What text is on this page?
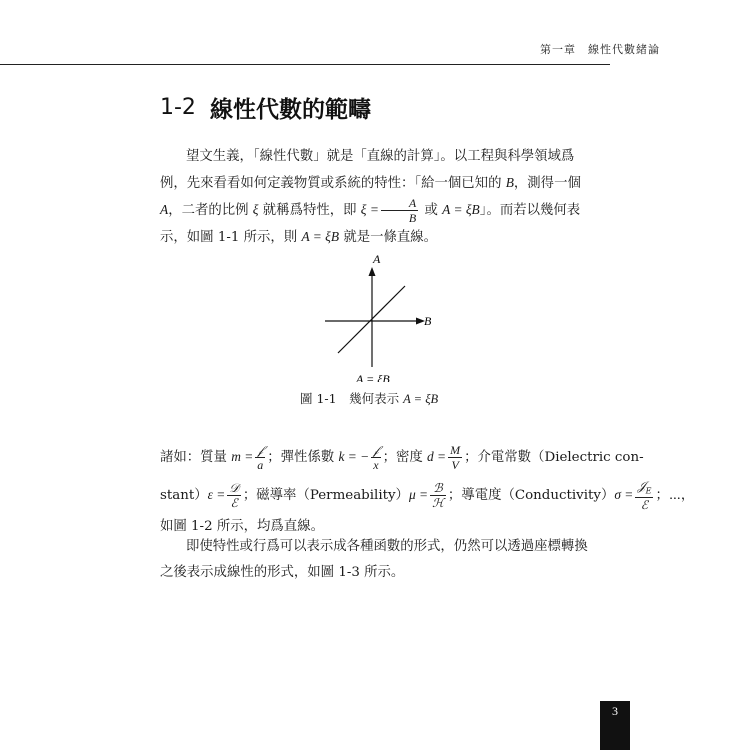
第一章　線性代數緒論
1-2 線性代數的範疇
望文生義，「線性代數」就是「直線的計算」。以工程與科學領域爲例，先來看看如何定義物質或系統的特性：「給一個已知的 B，測得一個 A，二者的比例 ξ 就稱爲特性，即 $\xi = \frac{A}{B}$ 或 A = ξB」。而若以幾何表示，如圖 1-1 所示，則 A = ξB 就是一條直線。
A
B
A = ξB
圖 1-1　 幾何表示 A = ξB
諸如：質量 $m = \frac{\text{𝒻}}{a}$ ；彈性係數 k = − $\frac{\text{𝒻}}{x}$ ；密度 $d = \frac{M}{V}$ ；介電常數（Dielectric con-
$stant)\varepsilon = \frac{\text{𝒟}}{\text{ℰ}}$ ；磁導率（Permeability）μ = $\frac{\text{ℬ}}{\text{ℋ}}$ ；導電度（Conductivity）σ = $\frac{𝒥_E}{\text{ℰ}}$ ；⋯，
如圖 1-2 所示，均爲直線。
即使特性或行爲可以表示成各種函數的形式，仍然可以透過座標轉換之後表示成線性的形式，如圖 1-3 所示。
3
